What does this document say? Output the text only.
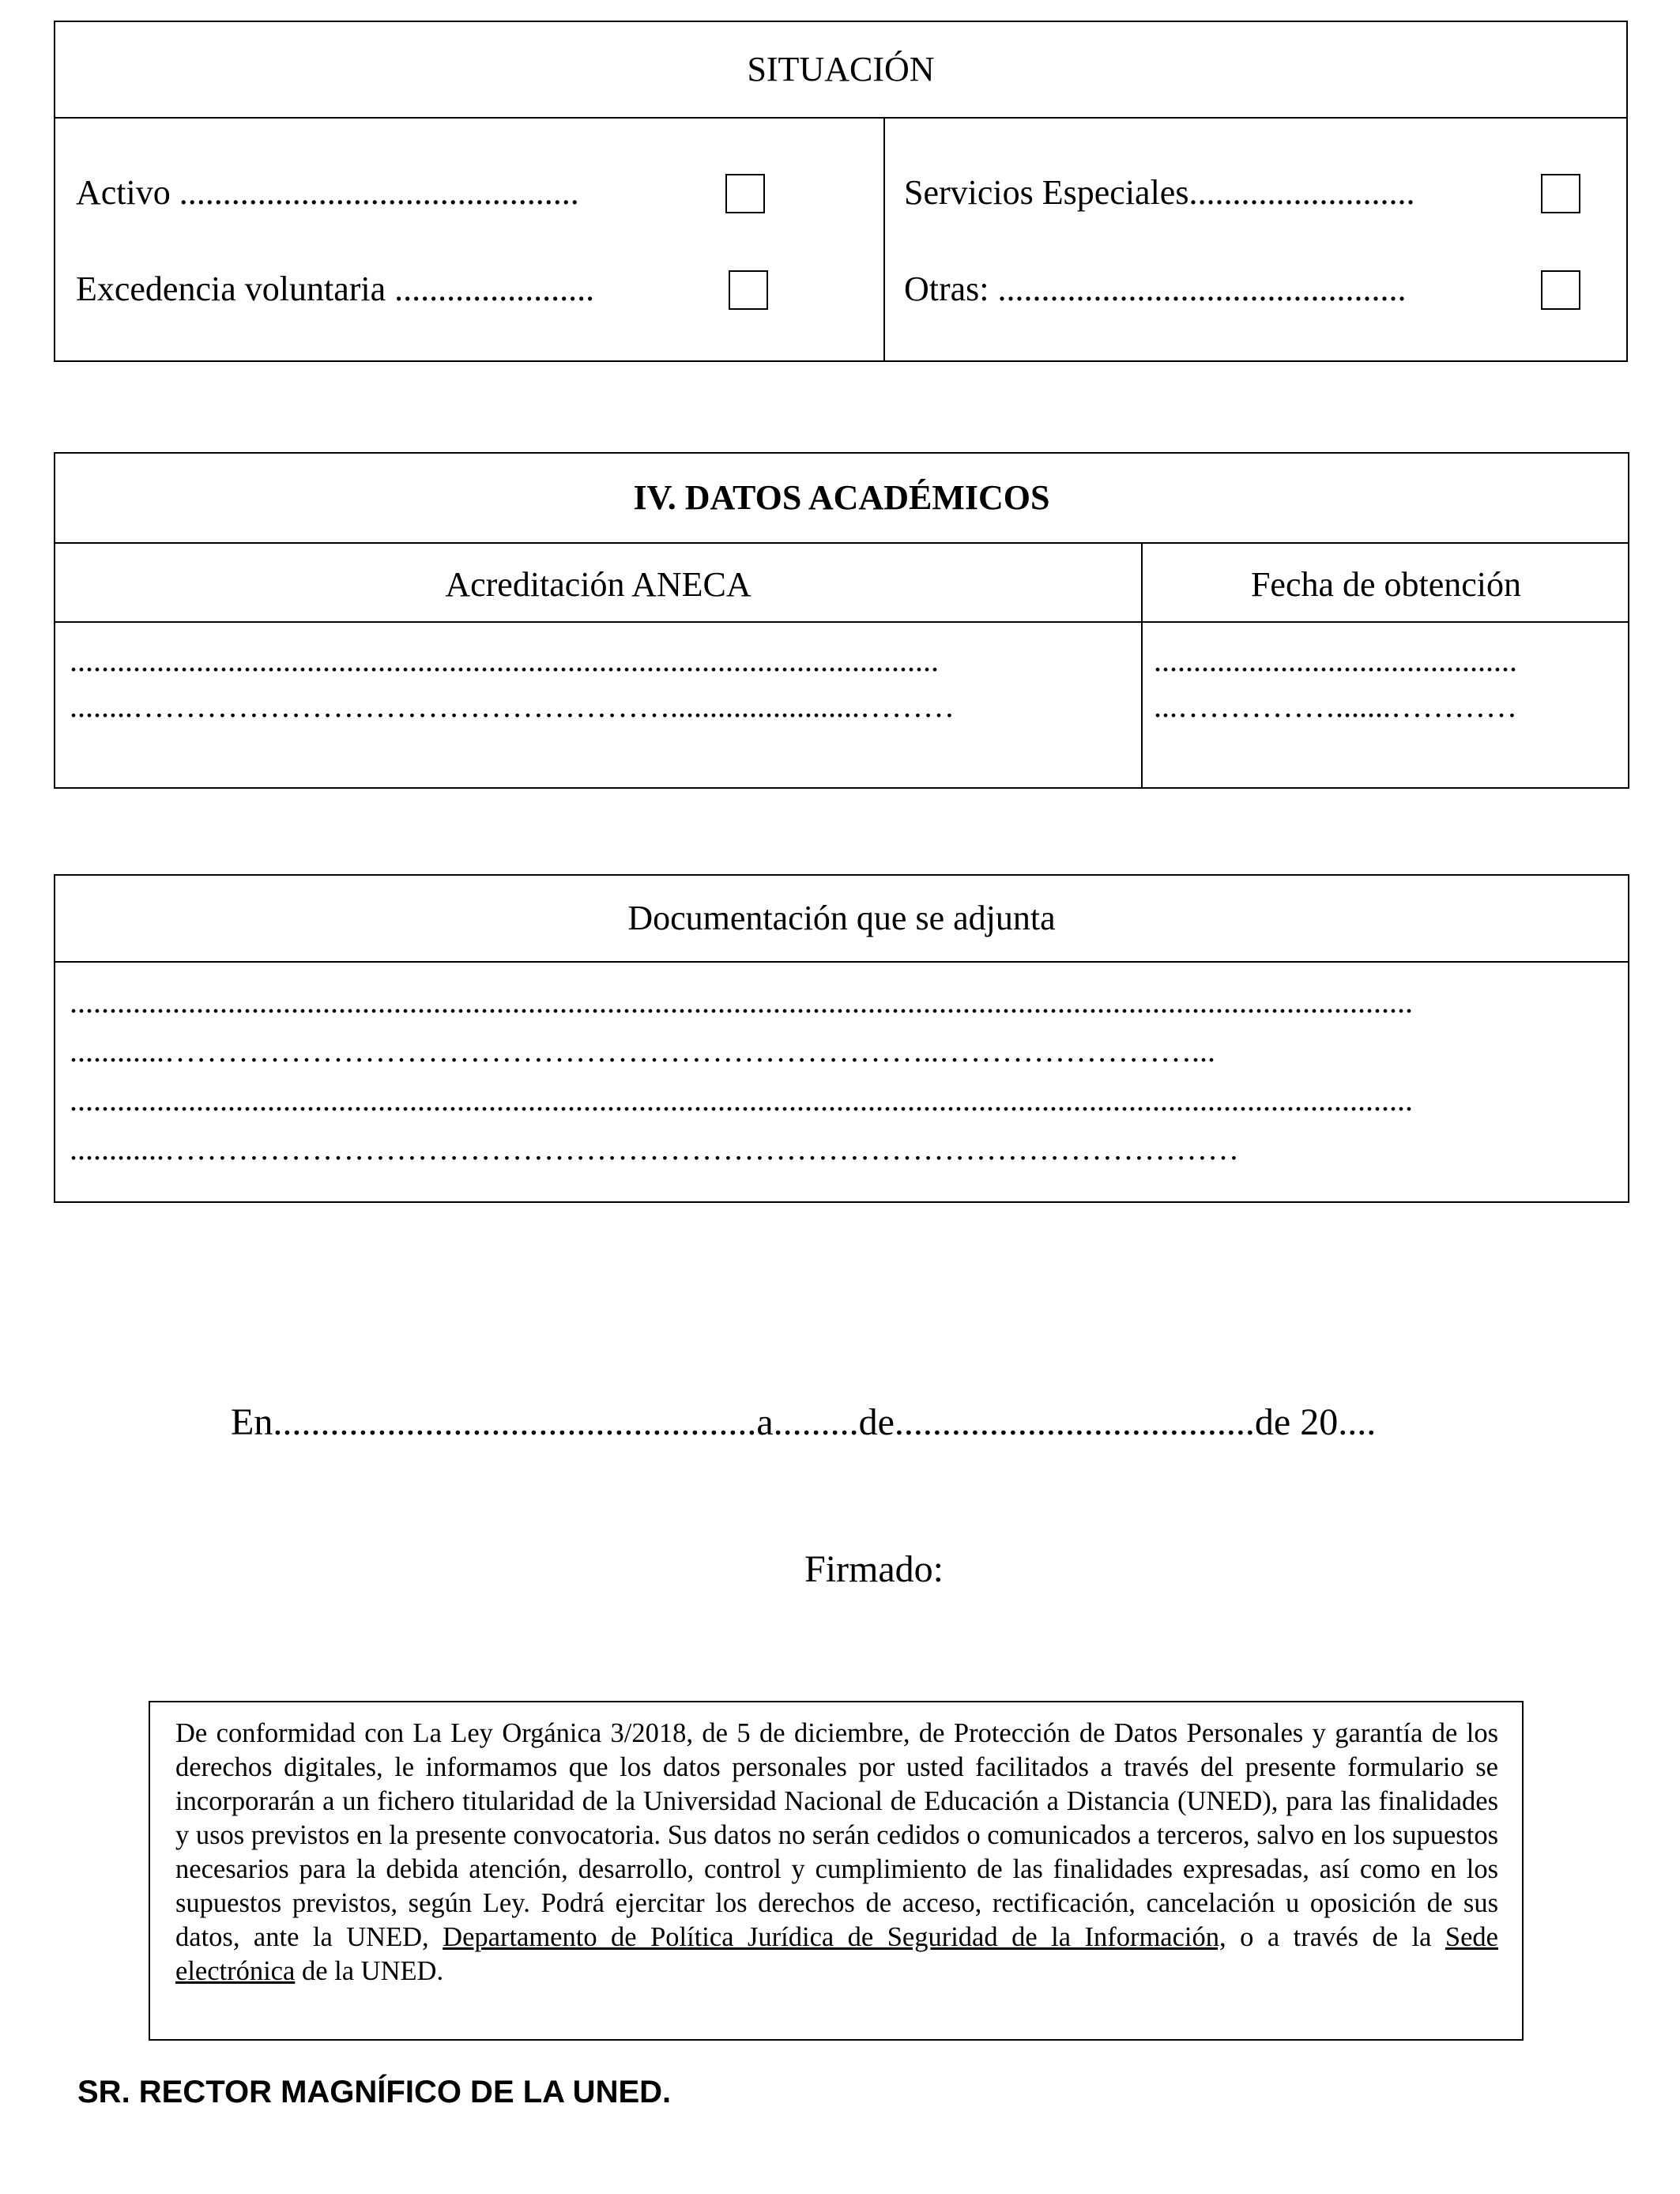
SITUACIÓN
Activo
..............................................
Excedencia voluntaria
.......................
Servicios Especiales ..........................
Otras:
...............................................
IV. DATOS ACADÉMICOS
Acreditación ANECA	Fecha de obtención
..............................................................................................................
........……………………………………………........................………
..............................................
...…………….......…………
Documentación que se adjunta
..........................................................................................................................................................................
............………………………………………………………………..……………………...
..........................................................................................................................................................................
............…………………………………………………………………………………………
En...................................................a.........de......................................de 20....
Firmado:
De conformidad con La Ley Orgánica 3/2018, de 5 de diciembre, de Protección de Datos Personales y garantía de los derechos digitales, le informamos que los datos personales por usted facilitados a través del presente formulario se incorporarán a un fichero titularidad de la Universidad Nacional de Educación a Distancia (UNED), para las finalidades y usos previstos en la presente convocatoria. Sus datos no serán cedidos o comunicados a terceros, salvo en los supuestos necesarios para la debida atención, desarrollo, control y cumplimiento de las finalidades expresadas, así como en los supuestos previstos, según Ley. Podrá ejercitar los derechos de acceso, rectificación, cancelación u oposición de sus datos, ante la UNED, Departamento de Política Jurídica de Seguridad de la Información, o a través de la Sede electrónica de la UNED.
SR. RECTOR MAGNÍFICO DE LA UNED.
